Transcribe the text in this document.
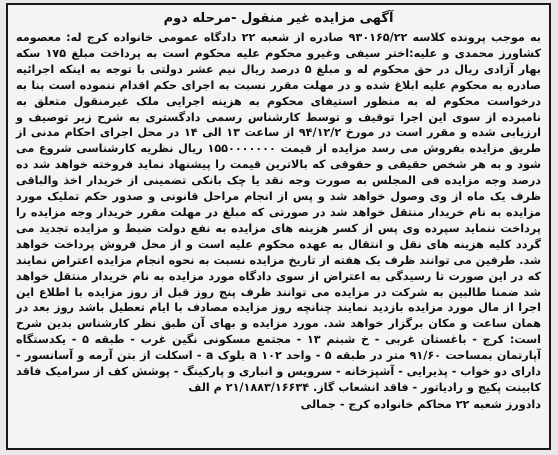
آگهی مزایده غیر منقول -مرحله دوم

به موجب پرونده کلاسه ۹۳۰۱۶۵/۲۲ صادره از شعبه ۲۲ دادگاه عمومی خانواده کرج له: معصومه کشاورز محمدی و علیه:اختر سیفی وغیرو محکوم علیه محکوم است به پرداخت مبلغ ۱۷۵ سکه بهار آزادی ریال در حق محکوم له و مبلغ ۵ درصد ریال نیم عشر دولتی با توجه به اینکه اجرائیه صادره به محکوم علیه ابلاغ شده و در مهلت مقرر نسبت به اجرای حکم اقدام ننموده است بنا به درخواست محکوم له به منظور استیفای محکوم به هزینه اجرایی ملک غیرمنقول متعلق به نامبرده از سوی این اجرا توقیف و توسط کارشناس رسمی دادگستری به شرح زیر توصیف و ارزیابی شده و مقرر است در مورخ ۹۴/۱۲/۲ از ساعت ۱۳ الی ۱۴ در محل اجرای احکام مدنی از طریق مزایده بفروش می رسد مزایده از قیمت ۱۵۵۰۰۰۰۰۰۰ ریال نظریه کارشناسی شروع می شود و به هر شخص حقیقی و حقوقی که بالاترین قیمت را پیشنهاد نماید فروخته خواهد شد ده درصد وجه مزایده فی المجلس به صورت وجه نقد یا چک بانکی تضمینی از خریدار اخذ والباقی ظرف یک ماه از وی وصول خواهد شد و پس از انجام مراحل قانونی و صدور حکم تملیک مورد مزایده به نام خریدار منتقل خواهد شد در صورتی که مبلغ در مهلت مقرر خریدار وجه مزایده را پرداخت ننماید سپرده وی پس از کسر هزینه های مزایده به نفع دولت ضبط و مزایده تجدید می گردد کلیه هزینه های نقل و انتقال به عهده محکوم علیه است و از محل فروش پرداخت خواهد شد. طرفین می توانند ظرف یک هفته از تاریخ مزایده نسبت به نحوه انجام مزایده اعتراض نمایند که در این صورت تا رسیدگی به اعتراض از سوی دادگاه مورد مزایده به نام خریدار منتقل خواهد شد ضمنا طالبین به شرکت در مزایده می توانند ظرف پنج روز قبل از روز مزایده با اطلاع این اجرا از مال مورد مزایده بازدید نمایند چنانچه روز مزایده مصادف با ایام تعطیل باشد روز بعد در همان ساعت و مکان برگزار خواهد شد. مورد مزایده و بهای آن طبق نظر کارشناس بدین شرح است: کرج - باغستان غربی - خ شبنم ۱۳ - مجتمع مسکونی نگین غرب - طبقه ۵ - یکدستگاه آپارتمان بمساحت ۹۱/۶۰ متر در طبقه ۵ - واحد ۱۰۲ a بلوک a - اسکلت از بتن آرمه و آسانسور - دارای دو خواب - پذیرایی - آشپزخانه - سرویس و انباری و پارکینگ - پوشش کف از سرامیک فاقد کابینت پکیج و رادیاتور - فاقد انشعاب گاز. ۲۱/۱۸۸۳/۱۶۶۳۴ م الف

دادورز شعبه ۲۲ محاکم خانواده کرج - جمالی
